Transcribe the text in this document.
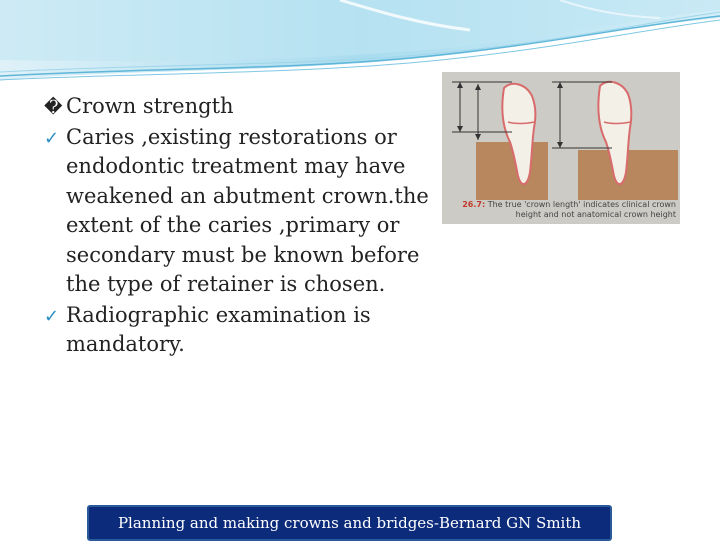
� Crown strength

✓ Caries ,existing restorations or endodontic treatment may have weakened an abutment crown.the extent of the caries ,primary or secondary must be known before the type of retainer is chosen.

✓ Radiographic examination is mandatory.

26.7: The true 'crown length' indicates clinical crown height and not anatomical crown height
Planning and making crowns and bridges-Bernard GN Smith
